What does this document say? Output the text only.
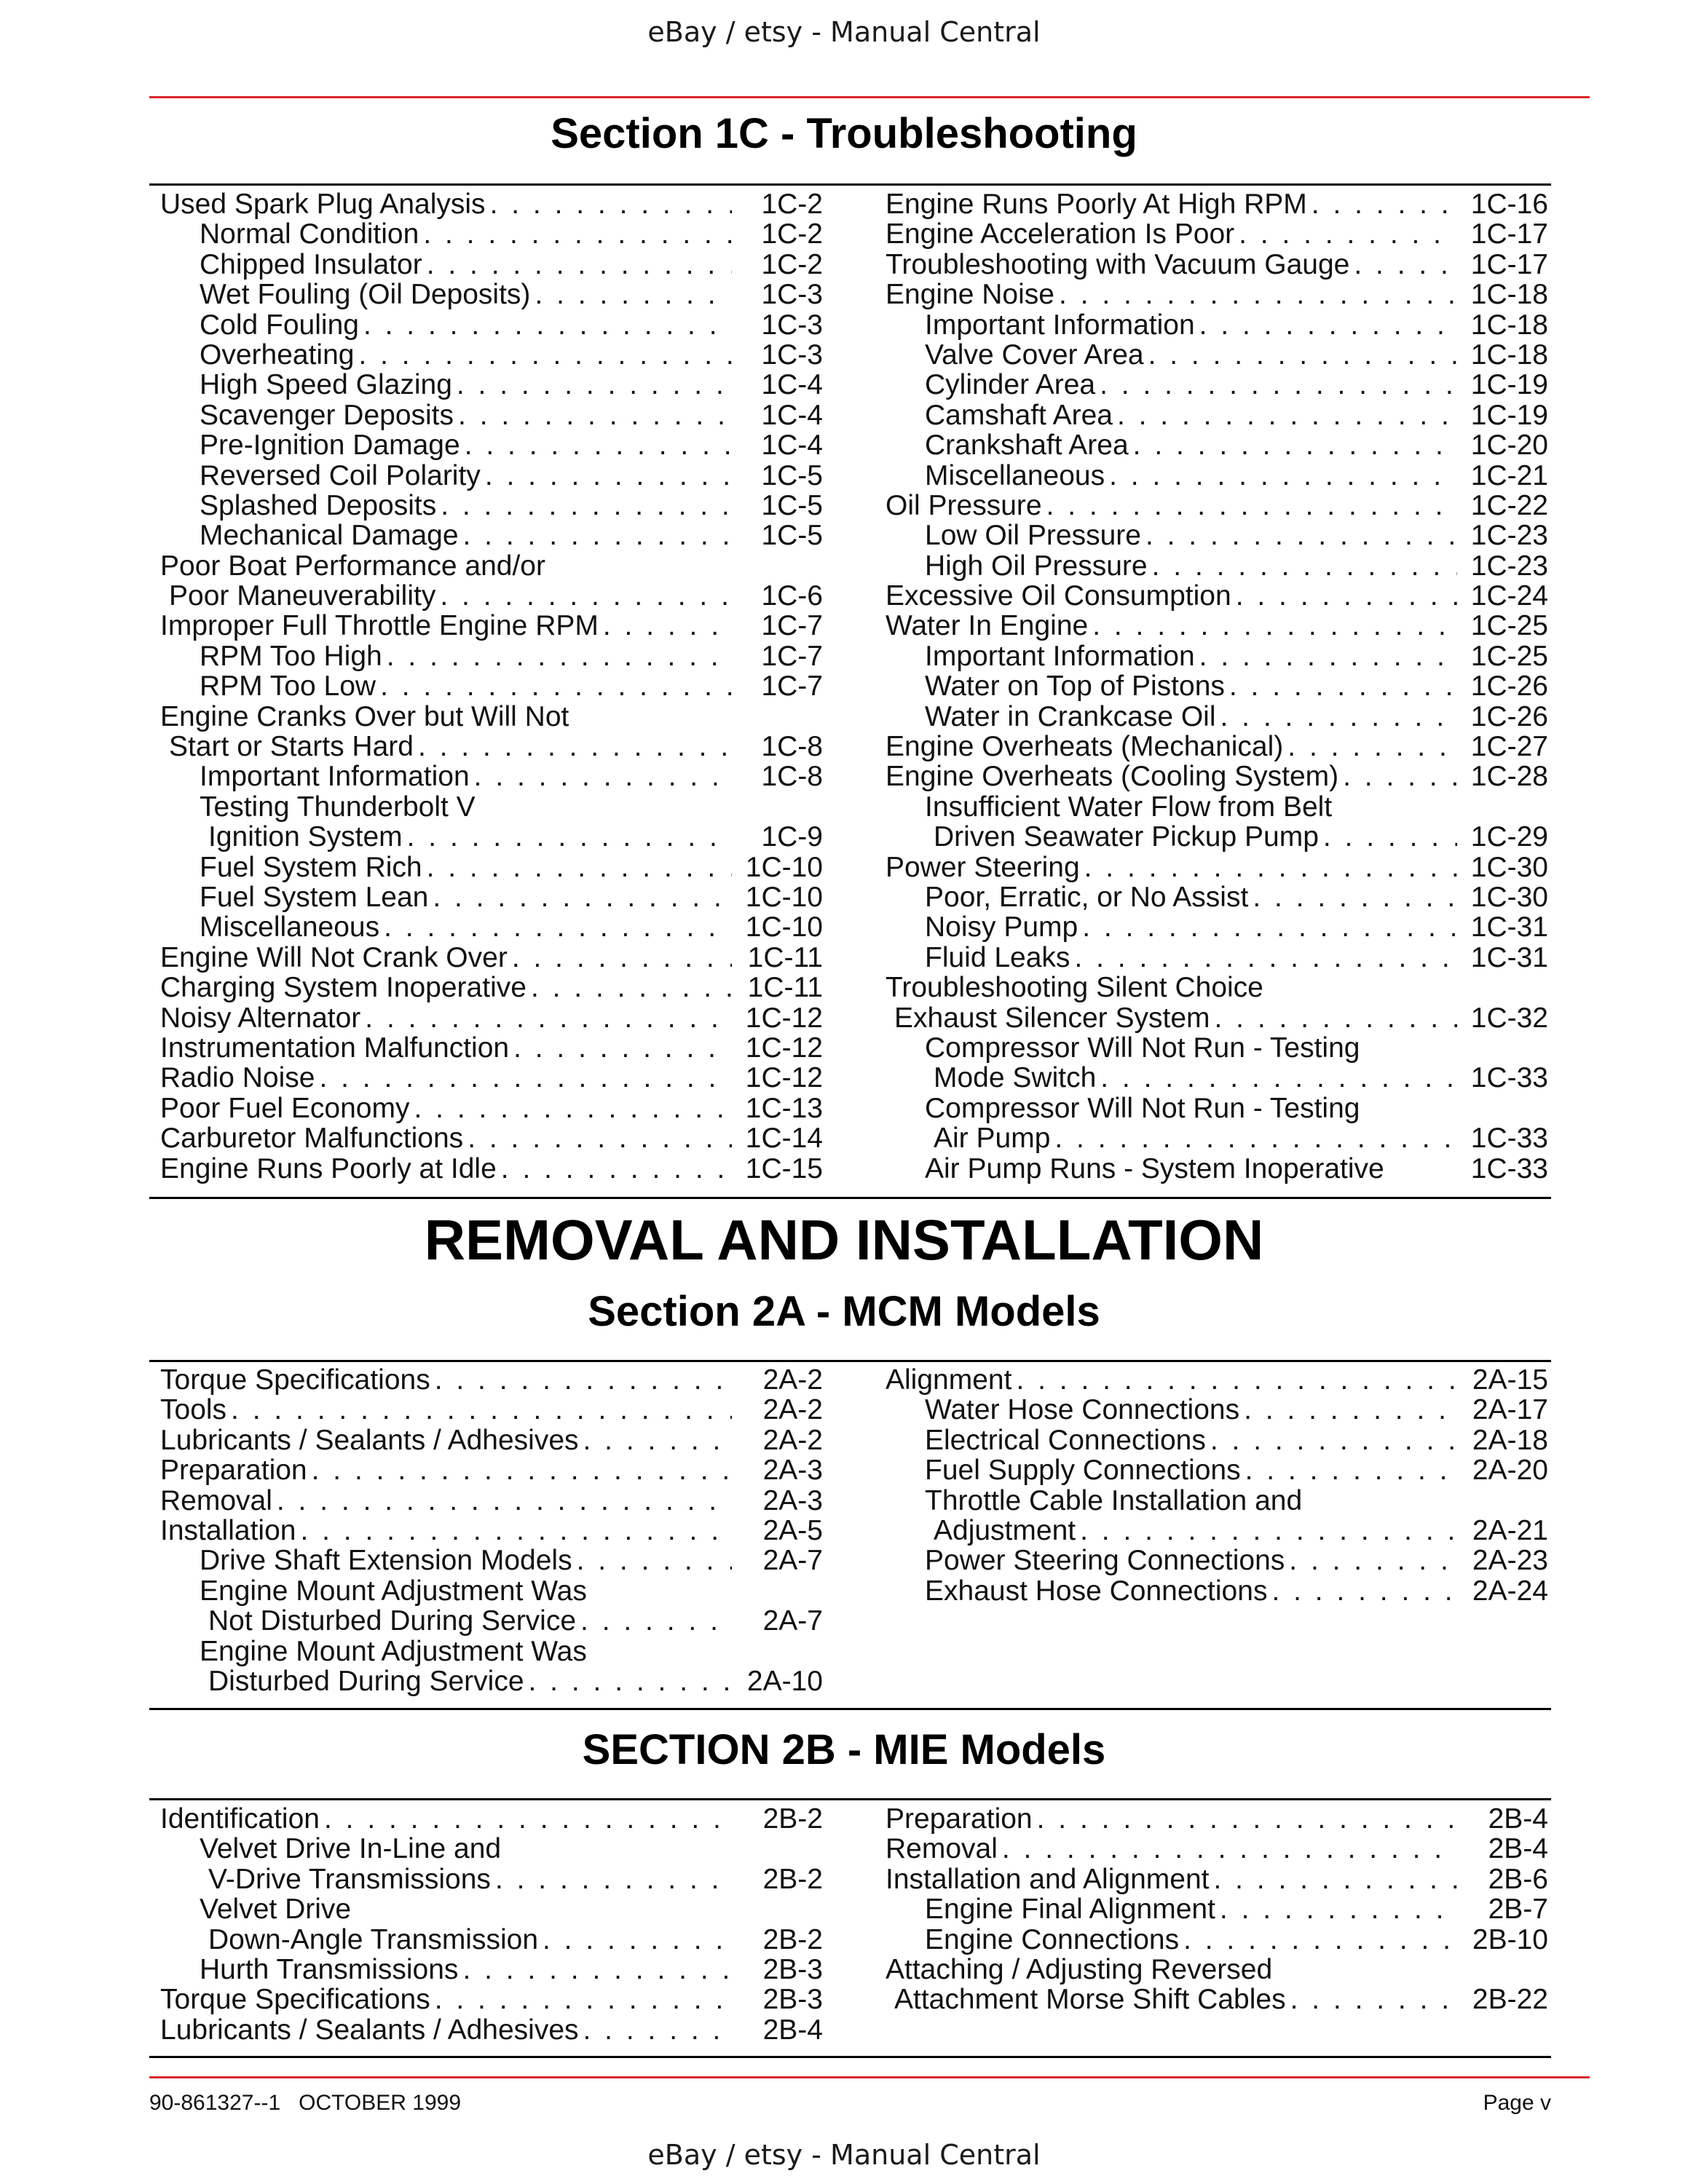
eBay / etsy - Manual Central
Section 1C - Troubleshooting
Used Spark Plug Analysis . . .	1C-2
Normal Condition . . .	1C-2
Chipped Insulator . . .	1C-2
Wet Fouling (Oil Deposits) . . .	1C-3
Cold Fouling . . .	1C-3
Overheating . . .	1C-3
High Speed Glazing . . .	1C-4
Scavenger Deposits . . .	1C-4
Pre-Ignition Damage . . .	1C-4
Reversed Coil Polarity . . .	1C-5
Splashed Deposits . . .	1C-5
Mechanical Damage . . .	1C-5
Poor Boat Performance and/or
Poor Maneuverability . . .	1C-6
Improper Full Throttle Engine RPM . . .	1C-7
RPM Too High . . .	1C-7
RPM Too Low . . .	1C-7
Engine Cranks Over but Will Not
Start or Starts Hard . . .	1C-8
Important Information . . .	1C-8
Testing Thunderbolt V
Ignition System . . .	1C-9
Fuel System Rich . . .	1C-10
Fuel System Lean . . .	1C-10
Miscellaneous . . .	1C-10
Engine Will Not Crank Over . . .	1C-11
Charging System Inoperative . . .	1C-11
Noisy Alternator . . .	1C-12
Instrumentation Malfunction . . .	1C-12
Radio Noise . . .	1C-12
Poor Fuel Economy . . .	1C-13
Carburetor Malfunctions . . .	1C-14
Engine Runs Poorly at Idle . . .	1C-15
Engine Runs Poorly At High RPM . . .	1C-16
Engine Acceleration Is Poor . . .	1C-17
Troubleshooting with Vacuum Gauge . . .	1C-17
Engine Noise . . .	1C-18
Important Information . . .	1C-18
Valve Cover Area . . .	1C-18
Cylinder Area . . .	1C-19
Camshaft Area . . .	1C-19
Crankshaft Area . . .	1C-20
Miscellaneous . . .	1C-21
Oil Pressure . . .	1C-22
Low Oil Pressure . . .	1C-23
High Oil Pressure . . .	1C-23
Excessive Oil Consumption . . .	1C-24
Water In Engine . . .	1C-25
Important Information . . .	1C-25
Water on Top of Pistons . . .	1C-26
Water in Crankcase Oil . . .	1C-26
Engine Overheats (Mechanical) . . .	1C-27
Engine Overheats (Cooling System) . . .	1C-28
Insufficient Water Flow from Belt
Driven Seawater Pickup Pump . . .	1C-29
Power Steering . . .	1C-30
Poor, Erratic, or No Assist . . .	1C-30
Noisy Pump . . .	1C-31
Fluid Leaks . . .	1C-31
Troubleshooting Silent Choice
Exhaust Silencer System . . .	1C-32
Compressor Will Not Run - Testing
Mode Switch . . .	1C-33
Compressor Will Not Run - Testing
Air Pump . . .	1C-33
Air Pump Runs - System Inoperative	1C-33
REMOVAL AND INSTALLATION
Section 2A - MCM Models
Torque Specifications . . .	2A-2
Tools . . .	2A-2
Lubricants / Sealants / Adhesives . . .	2A-2
Preparation . . .	2A-3
Removal . . .	2A-3
Installation . . .	2A-5
Drive Shaft Extension Models . . .	2A-7
Engine Mount Adjustment Was
Not Disturbed During Service . . .	2A-7
Engine Mount Adjustment Was
Disturbed During Service . . .	2A-10
Alignment . . .	2A-15
Water Hose Connections . . .	2A-17
Electrical Connections . . .	2A-18
Fuel Supply Connections . . .	2A-20
Throttle Cable Installation and
Adjustment . . .	2A-21
Power Steering Connections . . .	2A-23
Exhaust Hose Connections . . .	2A-24
SECTION 2B - MIE Models
Identification . . .	2B-2
Velvet Drive In-Line and
V-Drive Transmissions . . .	2B-2
Velvet Drive
Down-Angle Transmission . . .	2B-2
Hurth Transmissions . . .	2B-3
Torque Specifications . . .	2B-3
Lubricants / Sealants / Adhesives . . .	2B-4
Preparation . . .	2B-4
Removal . . .	2B-4
Installation and Alignment . . .	2B-6
Engine Final Alignment . . .	2B-7
Engine Connections . . .	2B-10
Attaching / Adjusting Reversed
Attachment Morse Shift Cables . . .	2B-22
90-861327--1   OCTOBER 1999	Page v
eBay / etsy - Manual Central
